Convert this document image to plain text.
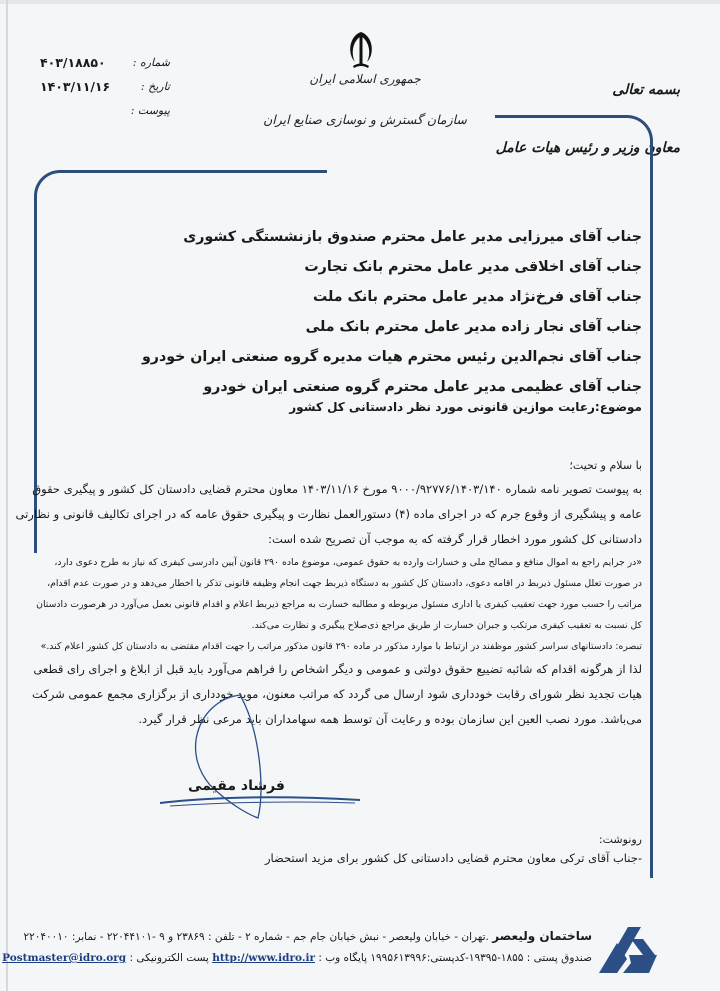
جمهوری اسلامی ایران
سازمان گسترش و نوسازی صنایع ایران
بسمه تعالی
معاون وزیر و رئیس هیات عامل
۴۰۳/۱۸۸۵۰ شماره :
۱۴۰۳/۱۱/۱۶	تاریخ :
پیوست :
جناب آقای میرزایی مدیر عامل محترم صندوق بازنشستگی کشوری
جناب آقای اخلاقی مدیر عامل محترم بانک تجارت
جناب آقای فرخ‌نژاد مدیر عامل محترم بانک ملت
جناب آقای نجار زاده مدیر عامل محترم بانک ملی
جناب آقای نجم‌الدین رئیس محترم هیات مدیره گروه صنعتی ایران خودرو
جناب آقای عظیمی مدیر عامل محترم گروه صنعتی ایران خودرو
موضوع:رعایت موازین قانونی مورد نظر دادستانی کل کشور
با سلام و تحیت؛
به پیوست تصویر نامه شماره ۹۰۰۰/۹۲۷۷۶/۱۴۰۳/۱۴۰ مورخ ۱۴۰۳/۱۱/۱۶ معاون محترم قضایی دادستان کل کشور و پیگیری حقوق
عامه و پیشگیری از وقوع جرم که در اجرای ماده (۴) دستورالعمل نظارت و پیگیری حقوق عامه که در اجرای تکالیف قانونی و نظارتی
دادستانی کل کشور مورد اخطار قرار گرفته که به موجب آن تصریح شده است:
«در جرایم راجع به اموال منافع و مصالح ملی و خسارات وارده به حقوق عمومی، موضوع ماده ۲۹۰ قانون آیین دادرسی کیفری که نیاز به طرح دعوی دارد،
در صورت تعلل مسئول ذیربط در اقامه دعوی، دادستان کل کشور به دستگاه ذیربط جهت انجام وظیفه قانونی تذکر یا اخطار می‌دهد و در صورت عدم اقدام،
مراتب را حسب مورد جهت تعقیب کیفری یا اداری مسئول مربوطه و مطالبه خسارت به مراجع ذیربط اعلام و اقدام قانونی بعمل می‌آورد در هرصورت دادستان
کل نسبت به تعقیب کیفری مرتکب و جبران خسارت از طریق مراجع ذی‌صلاح پیگیری و نظارت می‌کند.
تبصره: دادستانهای سراسر کشور موظفند در ارتباط با موارد مذکور در ماده ۲۹۰ قانون مذکور مراتب را جهت اقدام مقتضی به دادستان کل کشور اعلام کند.»
لذا از هرگونه اقدام که شائبه تضییع حقوق دولتی و عمومی و دیگر اشخاص را فراهم می‌آورد باید قبل از ابلاغ و اجرای رای قطعی
هیات تجدید نظر شورای رقابت خودداری شود ارسال می گردد که مراتب معنون، موید خودداری از برگزاری مجمع عمومی شرکت
می‌باشد. مورد نصب العین این سازمان بوده و رعایت آن توسط همه سهامداران باید مرعی نظر قرار گیرد.
فرشاد مقیمی
رونوشت:
-جناب آقای ترکی معاون محترم قضایی دادستانی کل کشور برای مزید استحضار
ساختمان ولیعصر .تهران - خیابان ولیعصر - نبش خیابان جام جم - شماره ۲ - تلفن : ۲۳۸۶۹ و ۹ -۲۲۰۴۴۱۰۱ - نمابر: ۲۲۰۴۰۰۱۰
صندوق پستی : ۱۸۵۵-۱۹۳۹۵-کدپستی:۱۹۹۵۶۱۳۹۹۶ پایگاه وب : http://www.idro.ir پست الکترونیکی : Postmaster@idro.org
